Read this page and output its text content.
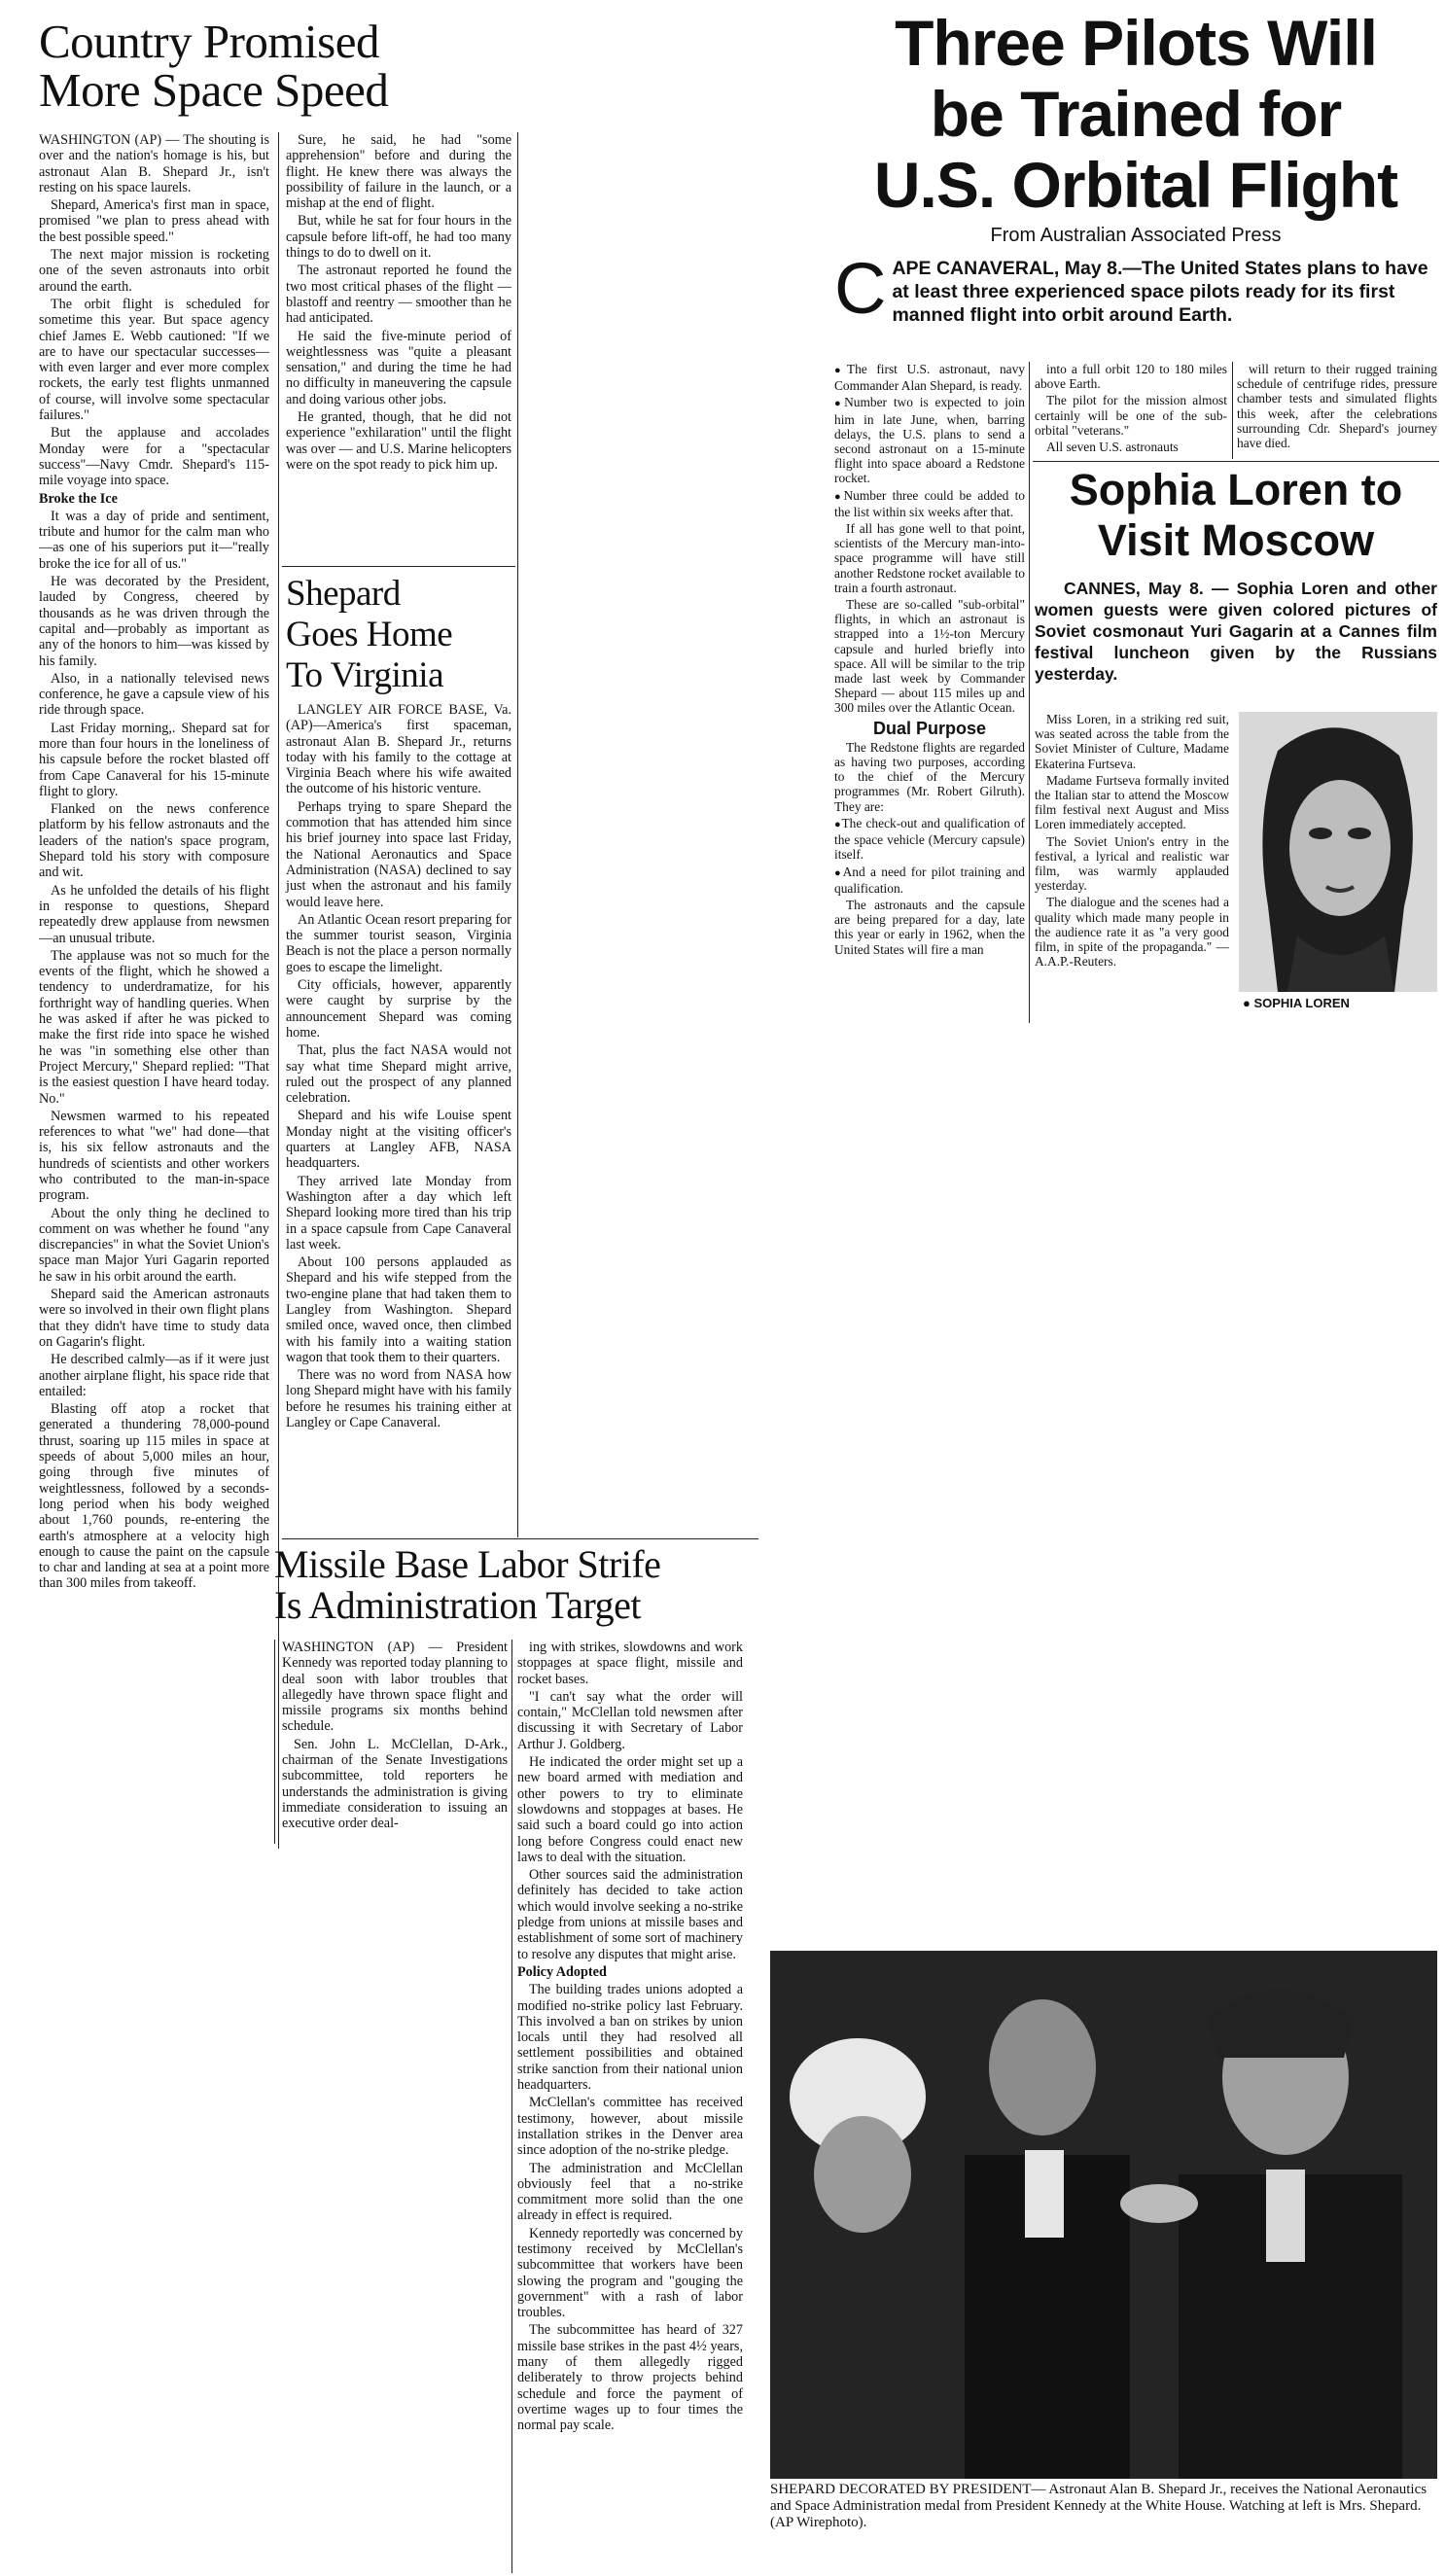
Country Promised
More Space Speed

WASHINGTON (AP) — The shouting is over and the nation's homage is his, but astronaut Alan B. Shepard Jr., isn't resting on his space laurels.

Shepard, America's first man in space, promised "we plan to press ahead with the best possible speed."

The next major mission is rocketing one of the seven astronauts into orbit around the earth.

The orbit flight is scheduled for sometime this year. But space agency chief James E. Webb cautioned: "If we are to have our spectacular successes—with even larger and ever more complex rockets, the early test flights unmanned of course, will involve some spectacular failures."

But the applause and accolades Monday were for a "spectacular success"—Navy Cmdr. Shepard's 115-mile voyage into space.

Broke the Ice

It was a day of pride and sentiment, tribute and humor for the calm man who—as one of his superiors put it—"really broke the ice for all of us."

He was decorated by the President, lauded by Congress, cheered by thousands as he was driven through the capital and—probably as important as any of the honors to him—was kissed by his family.

Also, in a nationally televised news conference, he gave a capsule view of his ride through space.

Last Friday morning,. Shepard sat for more than four hours in the loneliness of his capsule before the rocket blasted off from Cape Canaveral for his 15-minute flight to glory.

Flanked on the news conference platform by his fellow astronauts and the leaders of the nation's space program, Shepard told his story with composure and wit.

As he unfolded the details of his flight in response to questions, Shepard repeatedly drew applause from newsmen—an unusual tribute.

The applause was not so much for the events of the flight, which he showed a tendency to underdramatize, for his forthright way of handling queries. When he was asked if after he was picked to make the first ride into space he wished he was "in something else other than Project Mercury," Shepard replied: "That is the easiest question I have heard today. No."

Newsmen warmed to his repeated references to what "we" had done—that is, his six fellow astronauts and the hundreds of scientists and other workers who contributed to the man-in-space program.

About the only thing he declined to comment on was whether he found "any discrepancies" in what the Soviet Union's space man Major Yuri Gagarin reported he saw in his orbit around the earth.

Shepard said the American astronauts were so involved in their own flight plans that they didn't have time to study data on Gagarin's flight.

He described calmly—as if it were just another airplane flight, his space ride that entailed:

Blasting off atop a rocket that generated a thundering 78,000-pound thrust, soaring up 115 miles in space at speeds of about 5,000 miles an hour, going through five minutes of weightlessness, followed by a seconds-long period when his body weighed about 1,760 pounds, re-entering the earth's atmosphere at a velocity high enough to cause the paint on the capsule to char and landing at sea at a point more than 300 miles from takeoff.

Sure, he said, he had "some apprehension" before and during the flight. He knew there was always the possibility of failure in the launch, or a mishap at the end of flight.

But, while he sat for four hours in the capsule before lift-off, he had too many things to do to dwell on it.

The astronaut reported he found the two most critical phases of the flight — blastoff and reentry — smoother than he had anticipated.

He said the five-minute period of weightlessness was "quite a pleasant sensation," and during the time he had no difficulty in maneuvering the capsule and doing various other jobs.

He granted, though, that he did not experience "exhilaration" until the flight was over — and U.S. Marine helicopters were on the spot ready to pick him up.

Shepard
Goes Home
To Virginia

LANGLEY AIR FORCE BASE, Va. (AP)—America's first spaceman, astronaut Alan B. Shepard Jr., returns today with his family to the cottage at Virginia Beach where his wife awaited the outcome of his historic venture.

Perhaps trying to spare Shepard the commotion that has attended him since his brief journey into space last Friday, the National Aeronautics and Space Administration (NASA) declined to say just when the astronaut and his family would leave here.

An Atlantic Ocean resort preparing for the summer tourist season, Virginia Beach is not the place a person normally goes to escape the limelight.

City officials, however, apparently were caught by surprise by the announcement Shepard was coming home.

That, plus the fact NASA would not say what time Shepard might arrive, ruled out the prospect of any planned celebration.

Shepard and his wife Louise spent Monday night at the visiting officer's quarters at Langley AFB, NASA headquarters.

They arrived late Monday from Washington after a day which left Shepard looking more tired than his trip in a space capsule from Cape Canaveral last week.

About 100 persons applauded as Shepard and his wife stepped from the two-engine plane that had taken them to Langley from Washington. Shepard smiled once, waved once, then climbed with his family into a waiting station wagon that took them to their quarters.

There was no word from NASA how long Shepard might have with his family before he resumes his training either at Langley or Cape Canaveral.

Missile Base Labor Strife
Is Administration Target

WASHINGTON (AP) — President Kennedy was reported today planning to deal soon with labor troubles that allegedly have thrown space flight and missile programs six months behind schedule.

Sen. John L. McClellan, D-Ark., chairman of the Senate Investigations subcommittee, told reporters he understands the administration is giving immediate consideration to issuing an executive order deal-

ing with strikes, slowdowns and work stoppages at space flight, missile and rocket bases.

"I can't say what the order will contain," McClellan told newsmen after discussing it with Secretary of Labor Arthur J. Goldberg.

He indicated the order might set up a new board armed with mediation and other powers to try to eliminate slowdowns and stoppages at bases. He said such a board could go into action long before Congress could enact new laws to deal with the situation.

Other sources said the administration definitely has decided to take action which would involve seeking a no-strike pledge from unions at missile bases and establishment of some sort of machinery to resolve any disputes that might arise.

Policy Adopted

The building trades unions adopted a modified no-strike policy last February. This involved a ban on strikes by union locals until they had resolved all settlement possibilities and obtained strike sanction from their national union headquarters.

McClellan's committee has received testimony, however, about missile installation strikes in the Denver area since adoption of the no-strike pledge.

The administration and McClellan obviously feel that a no-strike commitment more solid than the one already in effect is required.

Kennedy reportedly was concerned by testimony received by McClellan's subcommittee that workers have been slowing the program and "gouging the government" with a rash of labor troubles.

The subcommittee has heard of 327 missile base strikes in the past 4½ years, many of them allegedly rigged deliberately to throw projects behind schedule and force the payment of overtime wages up to four times the normal pay scale.

Three Pilots Will
be Trained for
U.S. Orbital Flight
From Australian Associated Press
C APE CANAVERAL, May 8.—The United States plans to have at least three experienced space pilots ready for its first manned flight into orbit around Earth.

● The first U.S. astronaut, navy Commander Alan Shepard, is ready.

● Number two is expected to join him in late June, when, barring delays, the U.S. plans to send a second astronaut on a 15-minute flight into space aboard a Redstone rocket.

● Number three could be added to the list within six weeks after that.

If all has gone well to that point, scientists of the Mercury man-into-space programme will have still another Redstone rocket available to train a fourth astronaut.

These are so-called "sub-orbital" flights, in which an astronaut is strapped into a 1½-ton Mercury capsule and hurled briefly into space. All will be similar to the trip made last week by Commander Shepard — about 115 miles up and 300 miles over the Atlantic Ocean.

Dual Purpose

The Redstone flights are regarded as having two purposes, according to the chief of the Mercury programmes (Mr. Robert Gilruth). They are:

● The check-out and qualification of the space vehicle (Mercury capsule) itself.

● And a need for pilot training and qualification.

The astronauts and the capsule are being prepared for a day, late this year or early in 1962, when the United States will fire a man

into a full orbit 120 to 180 miles above Earth.

The pilot for the mission almost certainly will be one of the sub-orbital "veterans."

All seven U.S. astronauts

will return to their rugged training schedule of centrifuge rides, pressure chamber tests and simulated flights this week, after the celebrations surrounding Cdr. Shepard's journey have died.

Sophia Loren to
Visit Moscow
CANNES, May 8. — Sophia Loren and other women guests were given colored pictures of Soviet cosmonaut Yuri Gagarin at a Cannes film festival luncheon given by the Russians yesterday.

Miss Loren, in a striking red suit, was seated across the table from the Soviet Minister of Culture, Madame Ekaterina Furtseva.

Madame Furtseva formally invited the Italian star to attend the Moscow film festival next August and Miss Loren immediately accepted.

The Soviet Union's entry in the festival, a lyrical and realistic war film, was warmly applauded yesterday.

The dialogue and the scenes had a quality which made many people in the audience rate it as "a very good film, in spite of the propaganda." — A.A.P.-Reuters.

● SOPHIA LOREN
SHEPARD DECORATED BY PRESIDENT— Astronaut Alan B. Shepard Jr., receives the National Aeronautics and Space Administration medal from President Kennedy at the White House. Watching at left is Mrs. Shepard. (AP Wirephoto).
